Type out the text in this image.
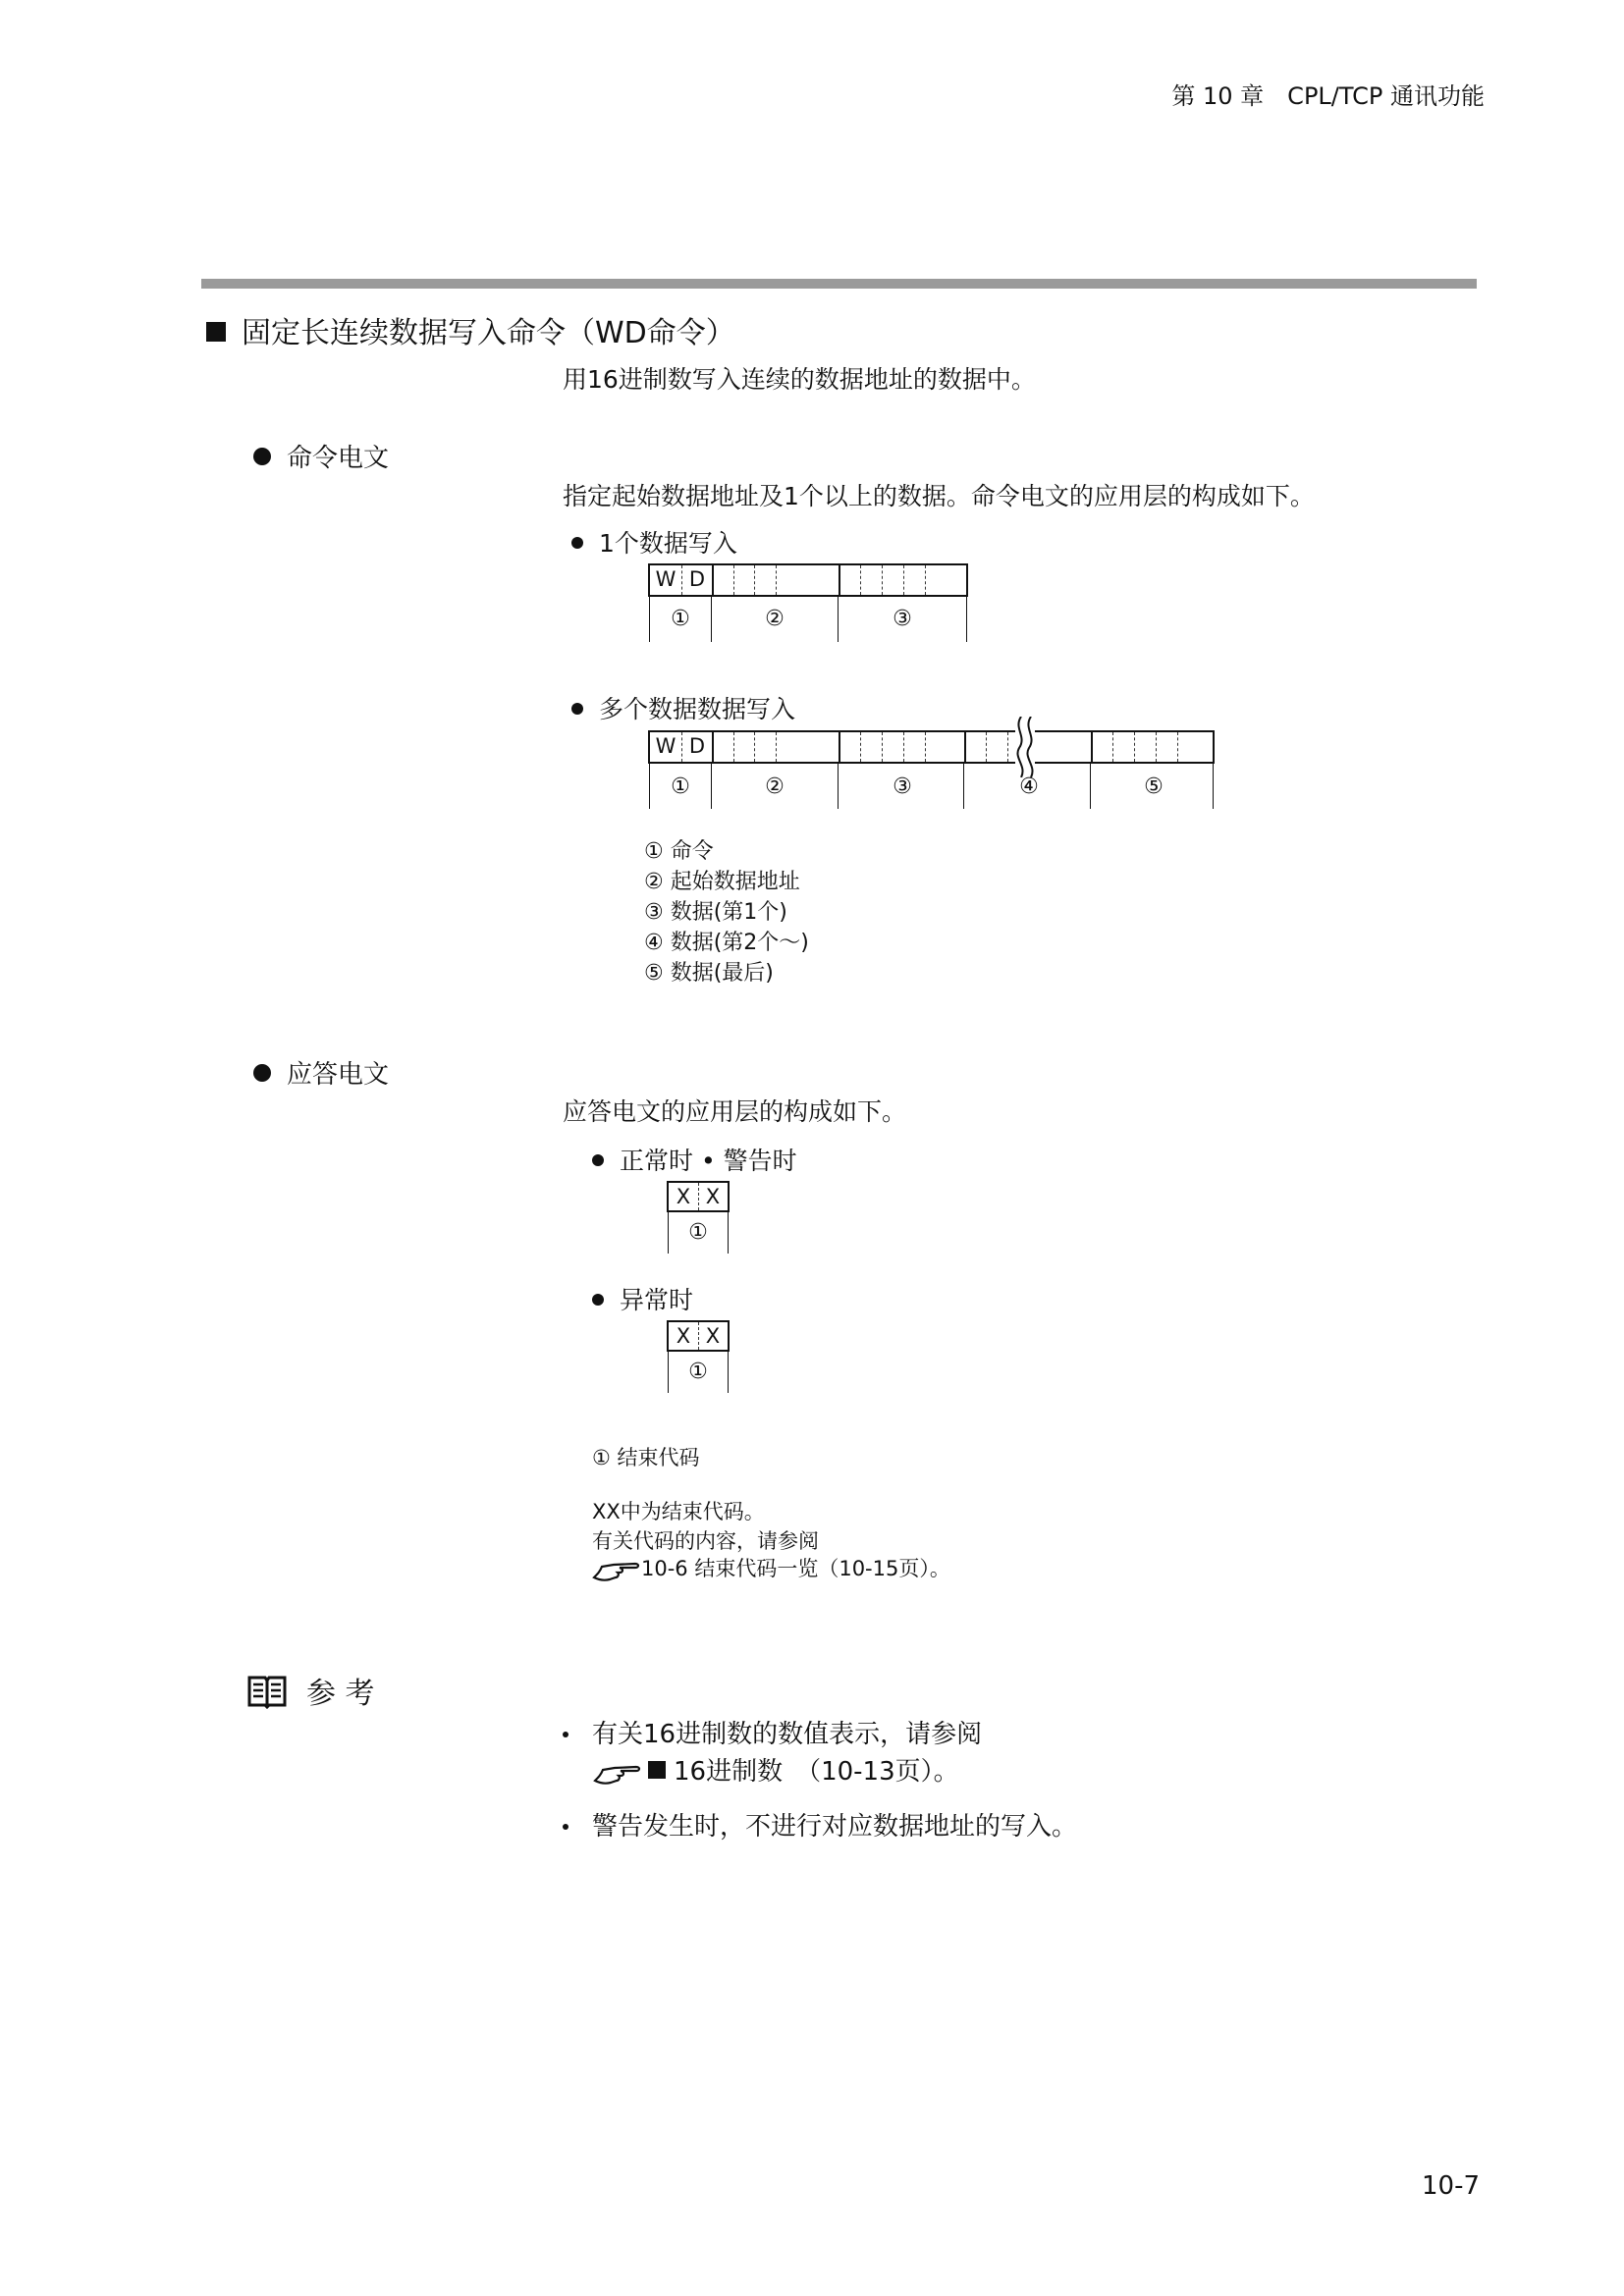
第 10 章　CPL/TCP 通讯功能
固定长连续数据写入命令（WD命令）
用16进制数写入连续的数据地址的数据中。
命令电文
指定起始数据地址及1个以上的数据。命令电文的应用层的构成如下。
1个数据写入
W D
①	②	③
多个数据数据写入
W D
①	②	③	④	⑤
① 命令
② 起始数据地址
③ 数据(第1个)
④ 数据(第2个～)
⑤ 数据(最后)
应答电文
应答电文的应用层的构成如下。
正常时 • 警告时
X X
①
异常时
X X
①
① 结束代码
XX中为结束代码。
有关代码的内容，请参阅
10-6 结束代码一览（10-15页）。
参 考
有关16进制数的数值表示，请参阅
16进制数　（10-13页）。
警告发生时，不进行对应数据地址的写入。
10-7
